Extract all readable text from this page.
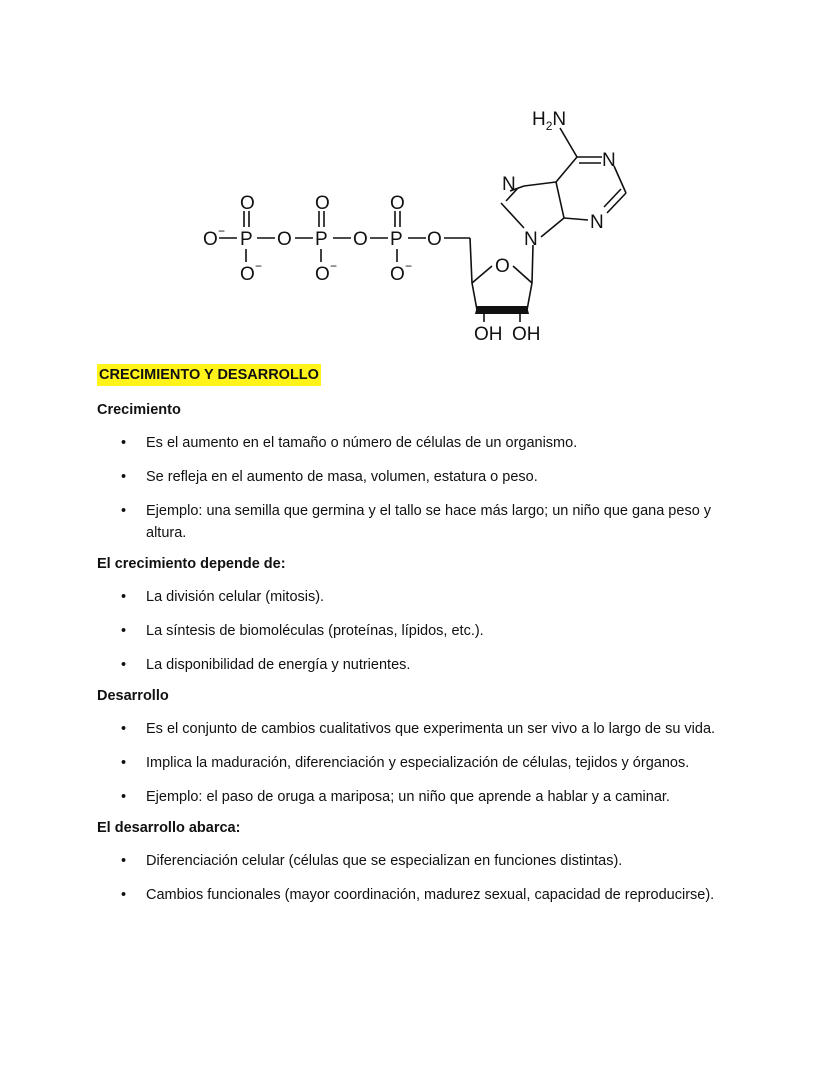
$H_2N$
O −
O
P
O −
O
O
P
O −
O
O
P
O −
O
O
OH OH
N
N
N
N
CRECIMIENTO Y DESARROLLO
Crecimiento
• Es el aumento en el tamaño o número de células de un organismo.
• Se refleja en el aumento de masa, volumen, estatura o peso.
• Ejemplo: una semilla que germina y el tallo se hace más largo; un niño que gana peso y altura.
El crecimiento depende de:
• La división celular (mitosis).
• La síntesis de biomoléculas (proteínas, lípidos, etc.).
• La disponibilidad de energía y nutrientes.
Desarrollo
• Es el conjunto de cambios cualitativos que experimenta un ser vivo a lo largo de su vida.
• Implica la maduración, diferenciación y especialización de células, tejidos y órganos.
• Ejemplo: el paso de oruga a mariposa; un niño que aprende a hablar y a caminar.
El desarrollo abarca:
• Diferenciación celular (células que se especializan en funciones distintas).
• Cambios funcionales (mayor coordinación, madurez sexual, capacidad de reproducirse).
